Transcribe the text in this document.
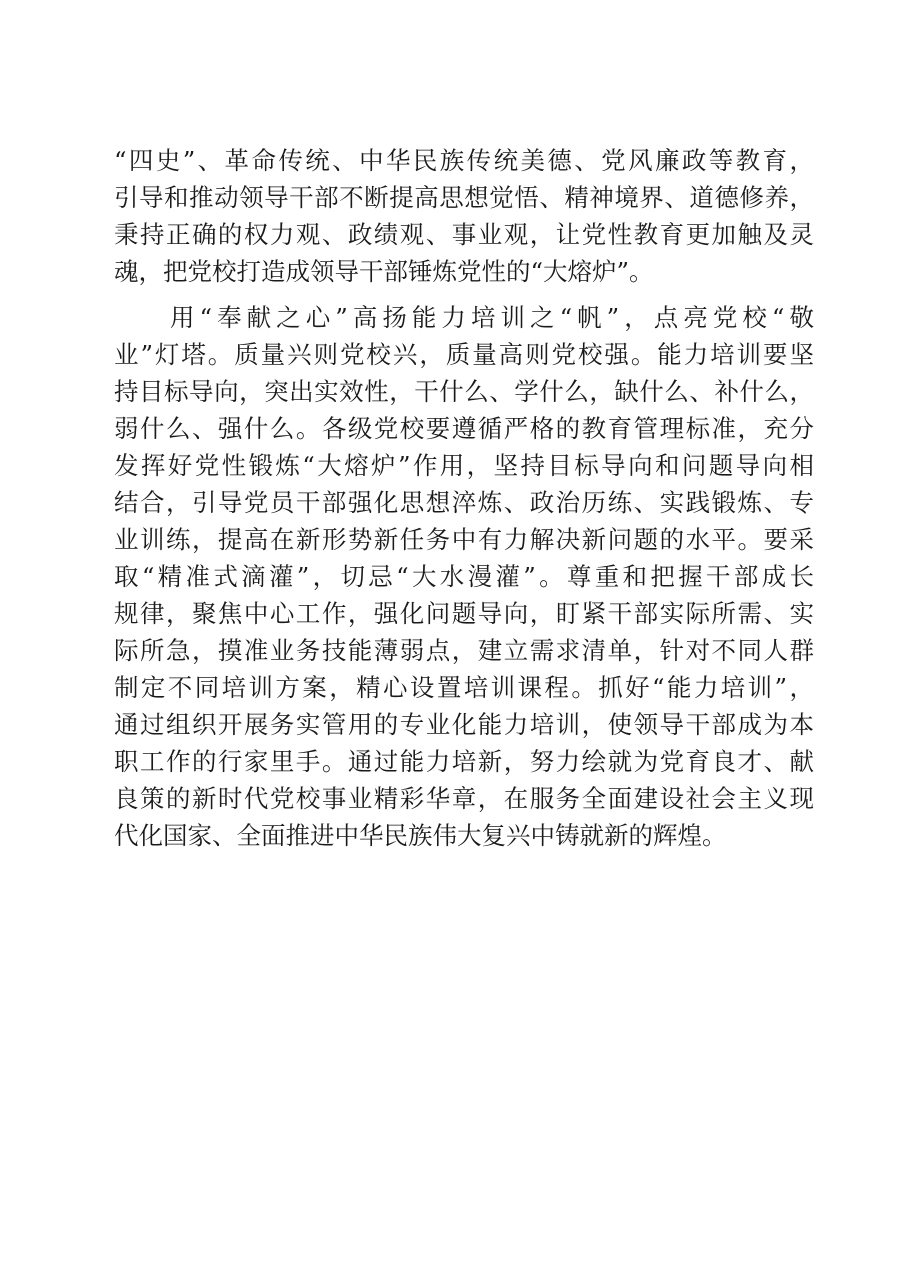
“四史”、革命传统、中华民族传统美德、党风廉政等教育，
引导和推动领导干部不断提高思想觉悟、精神境界、道德修养，
秉持正确的权力观、政绩观、事业观，让党性教育更加触及灵
魂，把党校打造成领导干部锤炼党性的“大熔炉”。
用“奉献之心”高扬能力培训之“帆”，点亮党校“敬
业”灯塔。质量兴则党校兴，质量高则党校强。能力培训要坚
持目标导向，突出实效性，干什么、学什么，缺什么、补什么，
弱什么、强什么。各级党校要遵循严格的教育管理标准，充分
发挥好党性锻炼“大熔炉”作用，坚持目标导向和问题导向相
结合，引导党员干部强化思想淬炼、政治历练、实践锻炼、专
业训练，提高在新形势新任务中有力解决新问题的水平。要采
取“精准式滴灌”，切忌“大水漫灌”。尊重和把握干部成长
规律，聚焦中心工作，强化问题导向，盯紧干部实际所需、实
际所急，摸准业务技能薄弱点，建立需求清单，针对不同人群
制定不同培训方案，精心设置培训课程。抓好“能力培训”，
通过组织开展务实管用的专业化能力培训，使领导干部成为本
职工作的行家里手。通过能力培新，努力绘就为党育良才、献
良策的新时代党校事业精彩华章，在服务全面建设社会主义现
代化国家、全面推进中华民族伟大复兴中铸就新的辉煌。
